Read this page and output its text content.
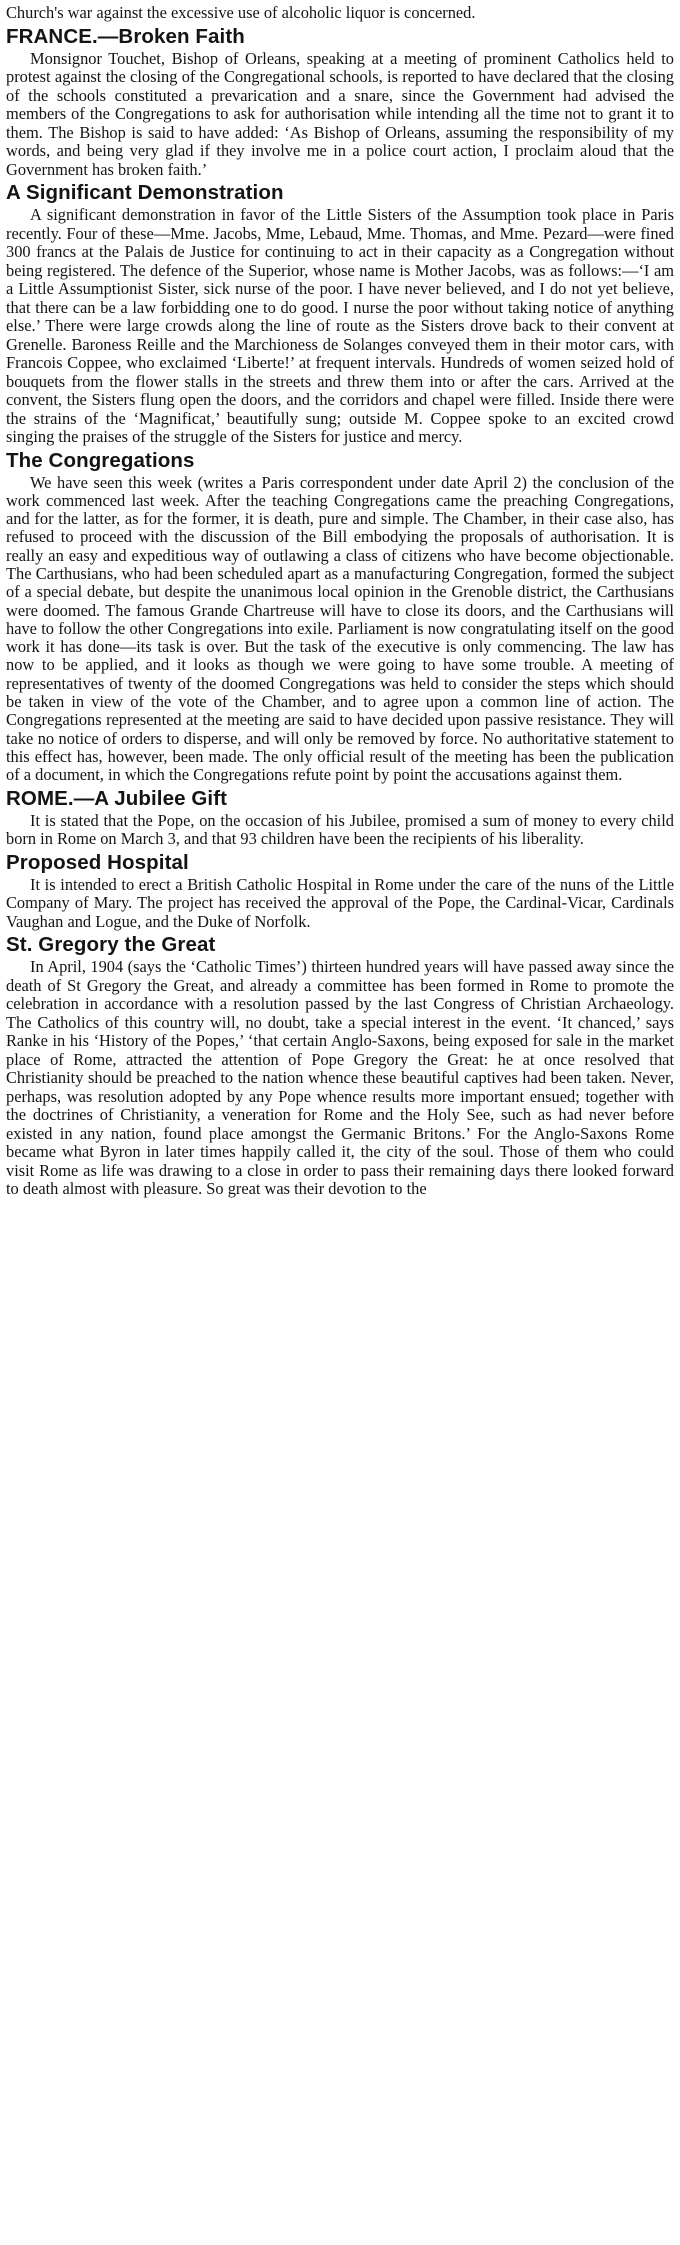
Church's war against the excessive use of alcoholic liquor is concerned.

FRANCE.—Broken Faith

Monsignor Touchet, Bishop of Orleans, speaking at a meeting of prominent Catholics held to protest against the closing of the Congregational schools, is reported to have declared that the closing of the schools constituted a prevarication and a snare, since the Government had advised the members of the Congregations to ask for authorisation while intending all the time not to grant it to them. The Bishop is said to have added: ‘As Bishop of Orleans, assuming the responsibility of my words, and being very glad if they involve me in a police court action, I proclaim aloud that the Government has broken faith.’

A Significant Demonstration

A significant demonstration in favor of the Little Sisters of the Assumption took place in Paris recently. Four of these—Mme. Jacobs, Mme, Lebaud, Mme. Thomas, and Mme. Pezard—were fined 300 francs at the Palais de Justice for continuing to act in their capacity as a Congregation without being registered. The defence of the Superior, whose name is Mother Jacobs, was as follows:—‘I am a Little Assumptionist Sister, sick nurse of the poor. I have never believed, and I do not yet believe, that there can be a law forbidding one to do good. I nurse the poor without taking notice of anything else.’ There were large crowds along the line of route as the Sisters drove back to their convent at Grenelle. Baroness Reille and the Marchioness de Solanges conveyed them in their motor cars, with Francois Coppee, who exclaimed ‘Liberte!’ at frequent intervals. Hundreds of women seized hold of bouquets from the flower stalls in the streets and threw them into or after the cars. Arrived at the convent, the Sisters flung open the doors, and the corridors and chapel were filled. Inside there were the strains of the ‘Magnificat,’ beautifully sung; outside M. Coppee spoke to an excited crowd singing the praises of the struggle of the Sisters for justice and mercy.

The Congregations

We have seen this week (writes a Paris correspondent under date April 2) the conclusion of the work commenced last week. After the teaching Congregations came the preaching Congregations, and for the latter, as for the former, it is death, pure and simple. The Chamber, in their case also, has refused to proceed with the discussion of the Bill embodying the proposals of authorisation. It is really an easy and expeditious way of outlawing a class of citizens who have become objectionable. The Carthusians, who had been scheduled apart as a manufacturing Congregation, formed the subject of a special debate, but despite the unanimous local opinion in the Grenoble district, the Carthusians were doomed. The famous Grande Chartreuse will have to close its doors, and the Carthusians will have to follow the other Congregations into exile. Parliament is now congratulating itself on the good work it has done—its task is over. But the task of the executive is only commencing. The law has now to be applied, and it looks as though we were going to have some trouble. A meeting of representatives of twenty of the doomed Congregations was held to consider the steps which should be taken in view of the vote of the Chamber, and to agree upon a common line of action. The Congregations represented at the meeting are said to have decided upon passive resistance. They will take no notice of orders to disperse, and will only be removed by force. No authoritative statement to this effect has, however, been made. The only official result of the meeting has been the publication of a document, in which the Congregations refute point by point the accusations against them.

ROME.—A Jubilee Gift

It is stated that the Pope, on the occasion of his Jubilee, promised a sum of money to every child born in Rome on March 3, and that 93 children have been the recipients of his liberality.

Proposed Hospital

It is intended to erect a British Catholic Hospital in Rome under the care of the nuns of the Little Company of Mary. The project has received the approval of the Pope, the Cardinal-Vicar, Cardinals Vaughan and Logue, and the Duke of Norfolk.

St. Gregory the Great

In April, 1904 (says the ‘Catholic Times’) thirteen hundred years will have passed away since the death of St Gregory the Great, and already a committee has been formed in Rome to promote the celebration in accordance with a resolution passed by the last Congress of Christian Archaeology. The Catholics of this country will, no doubt, take a special interest in the event. ‘It chanced,’ says Ranke in his ‘History of the Popes,’ ‘that certain Anglo-Saxons, being exposed for sale in the market place of Rome, attracted the attention of Pope Gregory the Great: he at once resolved that Christianity should be preached to the nation whence these beautiful captives had been taken. Never, perhaps, was resolution adopted by any Pope whence results more important ensued; together with the doctrines of Christianity, a veneration for Rome and the Holy See, such as had never before existed in any nation, found place amongst the Germanic Britons.’ For the Anglo-Saxons Rome became what Byron in later times happily called it, the city of the soul. Those of them who could visit Rome as life was drawing to a close in order to pass their remaining days there looked forward to death almost with pleasure. So great was their devotion to the
